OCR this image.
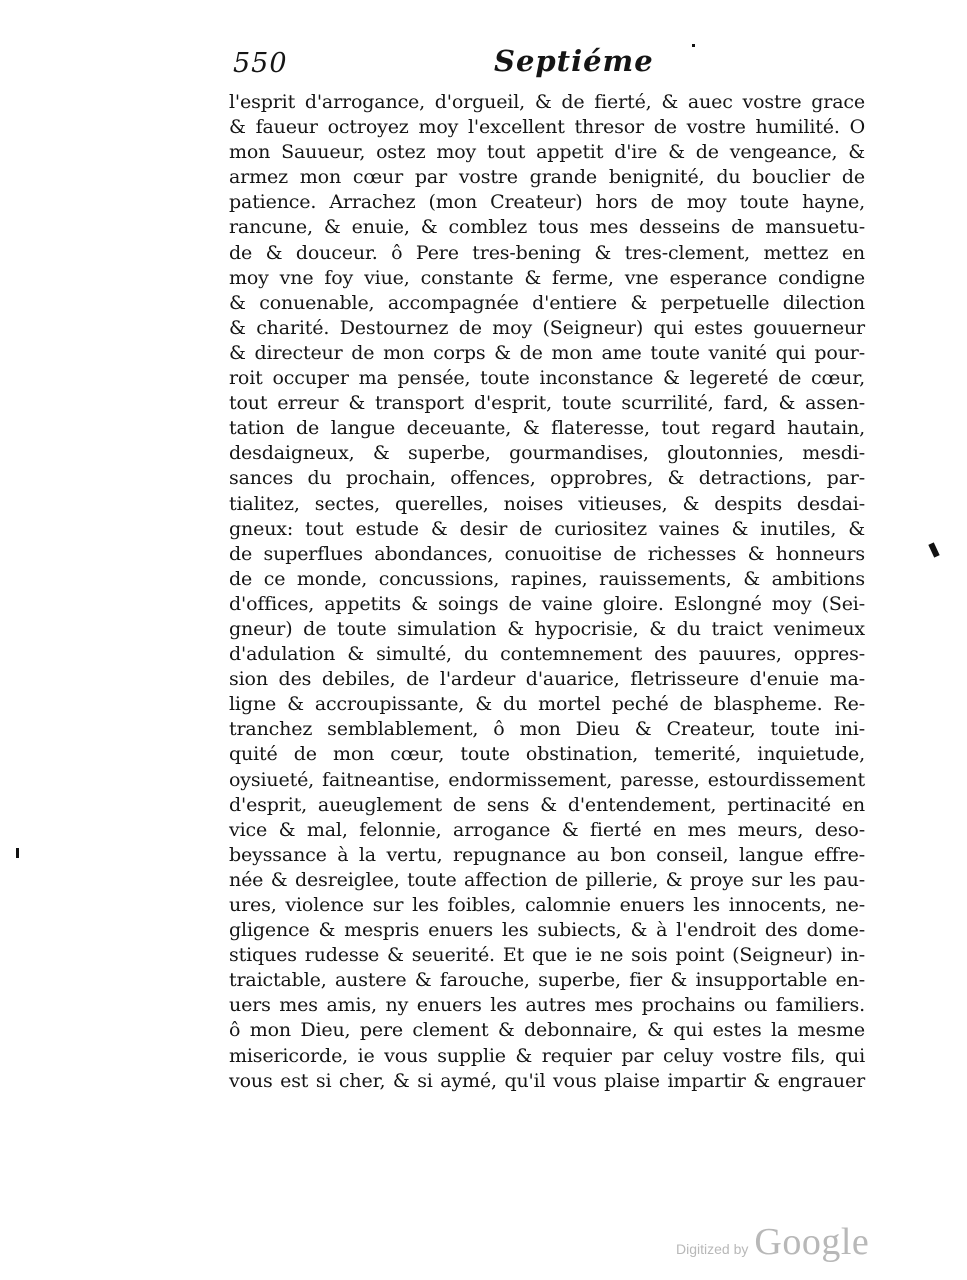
550	Septiéme
l'esprit d'arrogance, d'orgueil, & de fierté, & auec vostre grace
& faueur octroyez moy l'excellent thresor de vostre humilité. O
mon Sauueur, ostez moy tout appetit d'ire & de vengeance, &
armez mon cœur par vostre grande benignité, du bouclier de
patience. Arrachez (mon Createur) hors de moy toute hayne,
rancune, & enuie, & comblez tous mes desseins de mansuetu-
de & douceur. ô Pere tres-bening & tres-clement, mettez en
moy vne foy viue, constante & ferme, vne esperance condigne
& conuenable, accompagnée d'entiere & perpetuelle dilection
& charité. Destournez de moy (Seigneur) qui estes gouuerneur
& directeur de mon corps & de mon ame toute vanité qui pour-
roit occuper ma pensée, toute inconstance & legereté de cœur,
tout erreur & transport d'esprit, toute scurrilité, fard, & assen-
tation de langue deceuante, & flateresse, tout regard hautain,
desdaigneux, & superbe, gourmandises, gloutonnies, mesdi-
sances du prochain, offences, opprobres, & detractions, par-
tialitez, sectes, querelles, noises vitieuses, & despits desdai-
gneux: tout estude & desir de curiositez vaines & inutiles, &
de superflues abondances, conuoitise de richesses & honneurs
de ce monde, concussions, rapines, rauissements, & ambitions
d'offices, appetits & soings de vaine gloire. Eslongné moy (Sei-
gneur) de toute simulation & hypocrisie, & du traict venimeux
d'adulation & simulté, du contemnement des pauures, oppres-
sion des debiles, de l'ardeur d'auarice, fletrisseure d'enuie ma-
ligne & accroupissante, & du mortel peché de blaspheme. Re-
tranchez semblablement, ô mon Dieu & Createur, toute ini-
quité de mon cœur, toute obstination, temerité, inquietude,
oysiueté, faitneantise, endormissement, paresse, estourdissement
d'esprit, aueuglement de sens & d'entendement, pertinacité en
vice & mal, felonnie, arrogance & fierté en mes meurs, deso-
beyssance à la vertu, repugnance au bon conseil, langue effre-
née & desreiglee, toute affection de pillerie, & proye sur les pau-
ures, violence sur les foibles, calomnie enuers les innocents, ne-
gligence & mespris enuers les subiects, & à l'endroit des dome-
stiques rudesse & seuerité. Et que ie ne sois point (Seigneur) in-
traictable, austere & farouche, superbe, fier & insupportable en-
uers mes amis, ny enuers les autres mes prochains ou familiers.
ô mon Dieu, pere clement & debonnaire, & qui estes la mesme
misericorde, ie vous supplie & requier par celuy vostre fils, qui
vous est si cher, & si aymé, qu'il vous plaise impartir & engrauer
Digitized by Google
